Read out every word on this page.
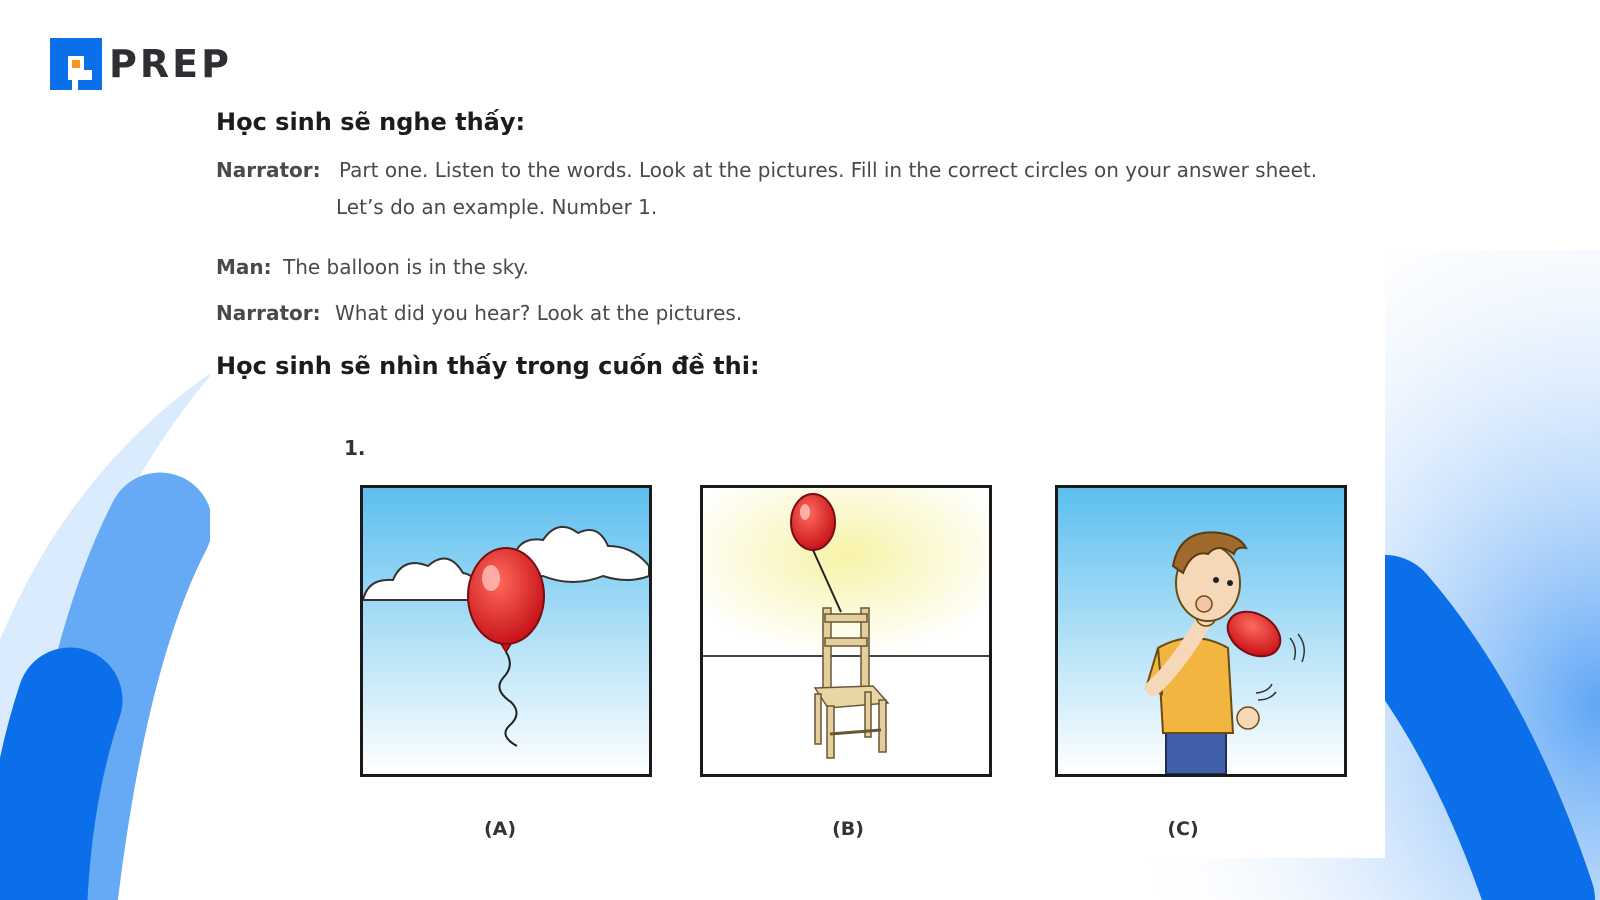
PREP
Học sinh sẽ nghe thấy:
Narrator: Part one. Listen to the words. Look at the pictures. Fill in the correct circles on your answer sheet.
Let’s do an example. Number 1.
Man: The balloon is in the sky.
Narrator: What did you hear? Look at the pictures.
Học sinh sẽ nhìn thấy trong cuốn đề thi:
1.
(A)	(B)	(C)
